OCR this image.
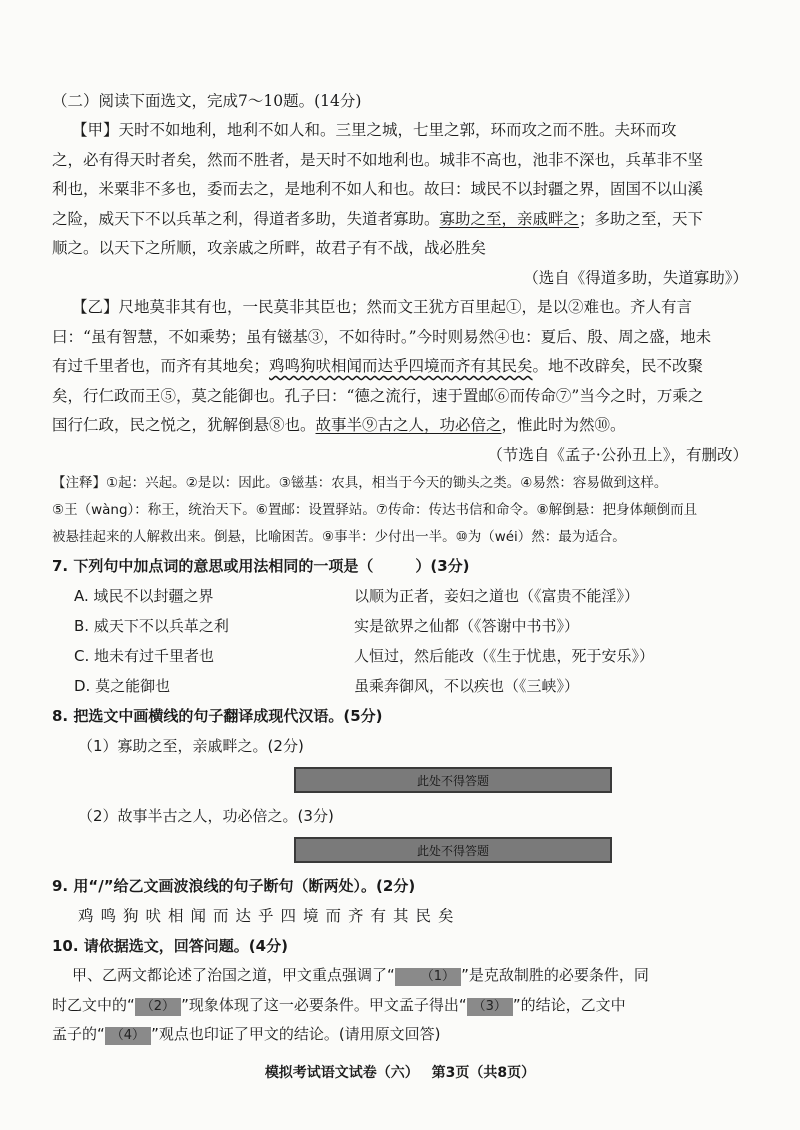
（二）阅读下面选文，完成7～10题。(14分)
【甲】天时不如地利，地利不如人和。三里之城，七里之郭，环而攻之而不胜。夫环而攻
之，必有得天时者矣，然而不胜者，是天时不如地利也。城非不高也，池非不深也，兵革非不坚
利也，米粟非不多也，委而去之，是地利不如人和也。故曰：域民不以封疆之界，固国不以山溪
之险，威天下不以兵革之利，得道者多助，失道者寡助。寡助之至，亲戚畔之；多助之至，天下
顺之。以天下之所顺，攻亲戚之所畔，故君子有不战，战必胜矣
（选自《得道多助，失道寡助》）
【乙】尺地莫非其有也，一民莫非其臣也；然而文王犹方百里起①，是以②难也。齐人有言
曰：“虽有智慧，不如乘势；虽有镃基③，不如待时。”今时则易然④也：夏后、殷、周之盛，地未
有过千里者也，而齐有其地矣；鸡鸣狗吠相闻而达乎四境而齐有其民矣。地不改辟矣，民不改聚
矣，行仁政而王⑤，莫之能御也。孔子曰：“德之流行，速于置邮⑥而传命⑦”当今之时，万乘之
国行仁政，民之悦之，犹解倒悬⑧也。故事半⑨古之人，功必倍之，惟此时为然⑩。
（节选自《孟子·公孙丑上》，有删改）
【注释】①起：兴起。②是以：因此。③镃基：农具，相当于今天的锄头之类。④易然：容易做到这样。
⑤王（wàng）：称王，统治天下。⑥置邮：设置驿站。⑦传命：传达书信和命令。⑧解倒悬：把身体颠倒而且
被悬挂起来的人解救出来。倒悬，比喻困苦。⑨事半：少付出一半。⑩为（wéi）然：最为适合。
7. 下列句中加点词的意思或用法相同的一项是（	）(3分)
A. 域民不以封疆之界	以顺为正者，妾妇之道也（《富贵不能淫》）
B. 威天下不以兵革之利	实是欲界之仙都（《答谢中书书》）
C. 地未有过千里者也	人恒过，然后能改（《生于忧患，死于安乐》）
D. 莫之能御也	虽乘奔御风，不以疾也（《三峡》）
8. 把选文中画横线的句子翻译成现代汉语。(5分)
（1）寡助之至，亲戚畔之。(2分)
此处不得答题
（2）故事半古之人，功必倍之。(3分)
此处不得答题
9. 用“/”给乙文画波浪线的句子断句（断两处）。(2分)
鸡鸣狗吠相闻而达乎四境而齐有其民矣
10. 请依据选文，回答问题。(4分)
甲、乙两文都论述了治国之道，甲文重点强调了“ （1） ”是克敌制胜的必要条件，同
时乙文中的“ （2） ”现象体现了这一必要条件。甲文孟子得出“ （3） ”的结论，乙文中
孟子的“ （4） ”观点也印证了甲文的结论。(请用原文回答)
模拟考试语文试卷（六） 第3页（共8页）
